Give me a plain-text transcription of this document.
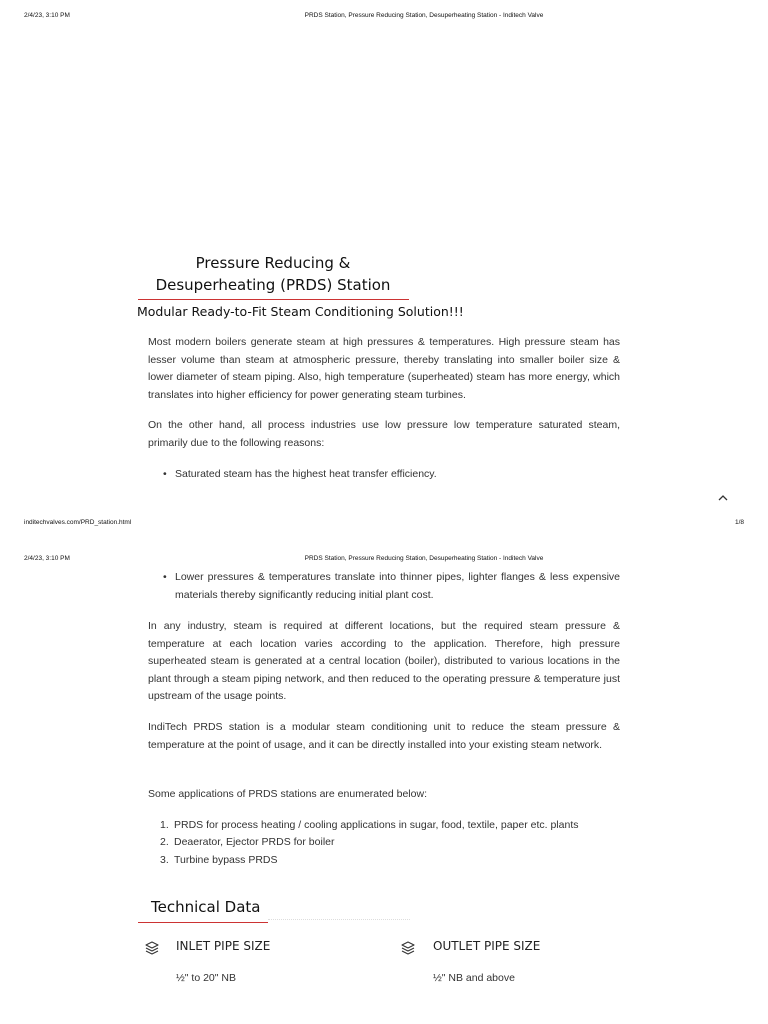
2/4/23, 3:10 PM	PRDS Station, Pressure Reducing Station, Desuperheating Station - Inditech Valve
Pressure Reducing &
Desuperheating (PRDS) Station
Modular Ready-to-Fit Steam Conditioning Solution!!!

Most modern boilers generate steam at high pressures & temperatures. High pressure steam has lesser volume than steam at atmospheric pressure, thereby translating into smaller boiler size & lower diameter of steam piping. Also, high temperature (superheated) steam has more energy, which translates into higher efficiency for power generating steam turbines.

On the other hand, all process industries use low pressure low temperature saturated steam, primarily due to the following reasons:

• Saturated steam has the highest heat transfer efficiency.
inditechvalves.com/PRD_station.html	1/8
2/4/23, 3:10 PM	PRDS Station, Pressure Reducing Station, Desuperheating Station - Inditech Valve
• Lower pressures & temperatures translate into thinner pipes, lighter flanges & less expensive materials thereby significantly reducing initial plant cost.

In any industry, steam is required at different locations, but the required steam pressure & temperature at each location varies according to the application. Therefore, high pressure superheated steam is generated at a central location (boiler), distributed to various locations in the plant through a steam piping network, and then reduced to the operating pressure & temperature just upstream of the usage points.

IndiTech PRDS station is a modular steam conditioning unit to reduce the steam pressure & temperature at the point of usage, and it can be directly installed into your existing steam network.

Some applications of PRDS stations are enumerated below:

1. PRDS for process heating / cooling applications in sugar, food, textile, paper etc. plants
2. Deaerator, Ejector PRDS for boiler
3. Turbine bypass PRDS
Technical Data
INLET PIPE SIZE
½" to 20" NB
OUTLET PIPE SIZE
½" NB and above
